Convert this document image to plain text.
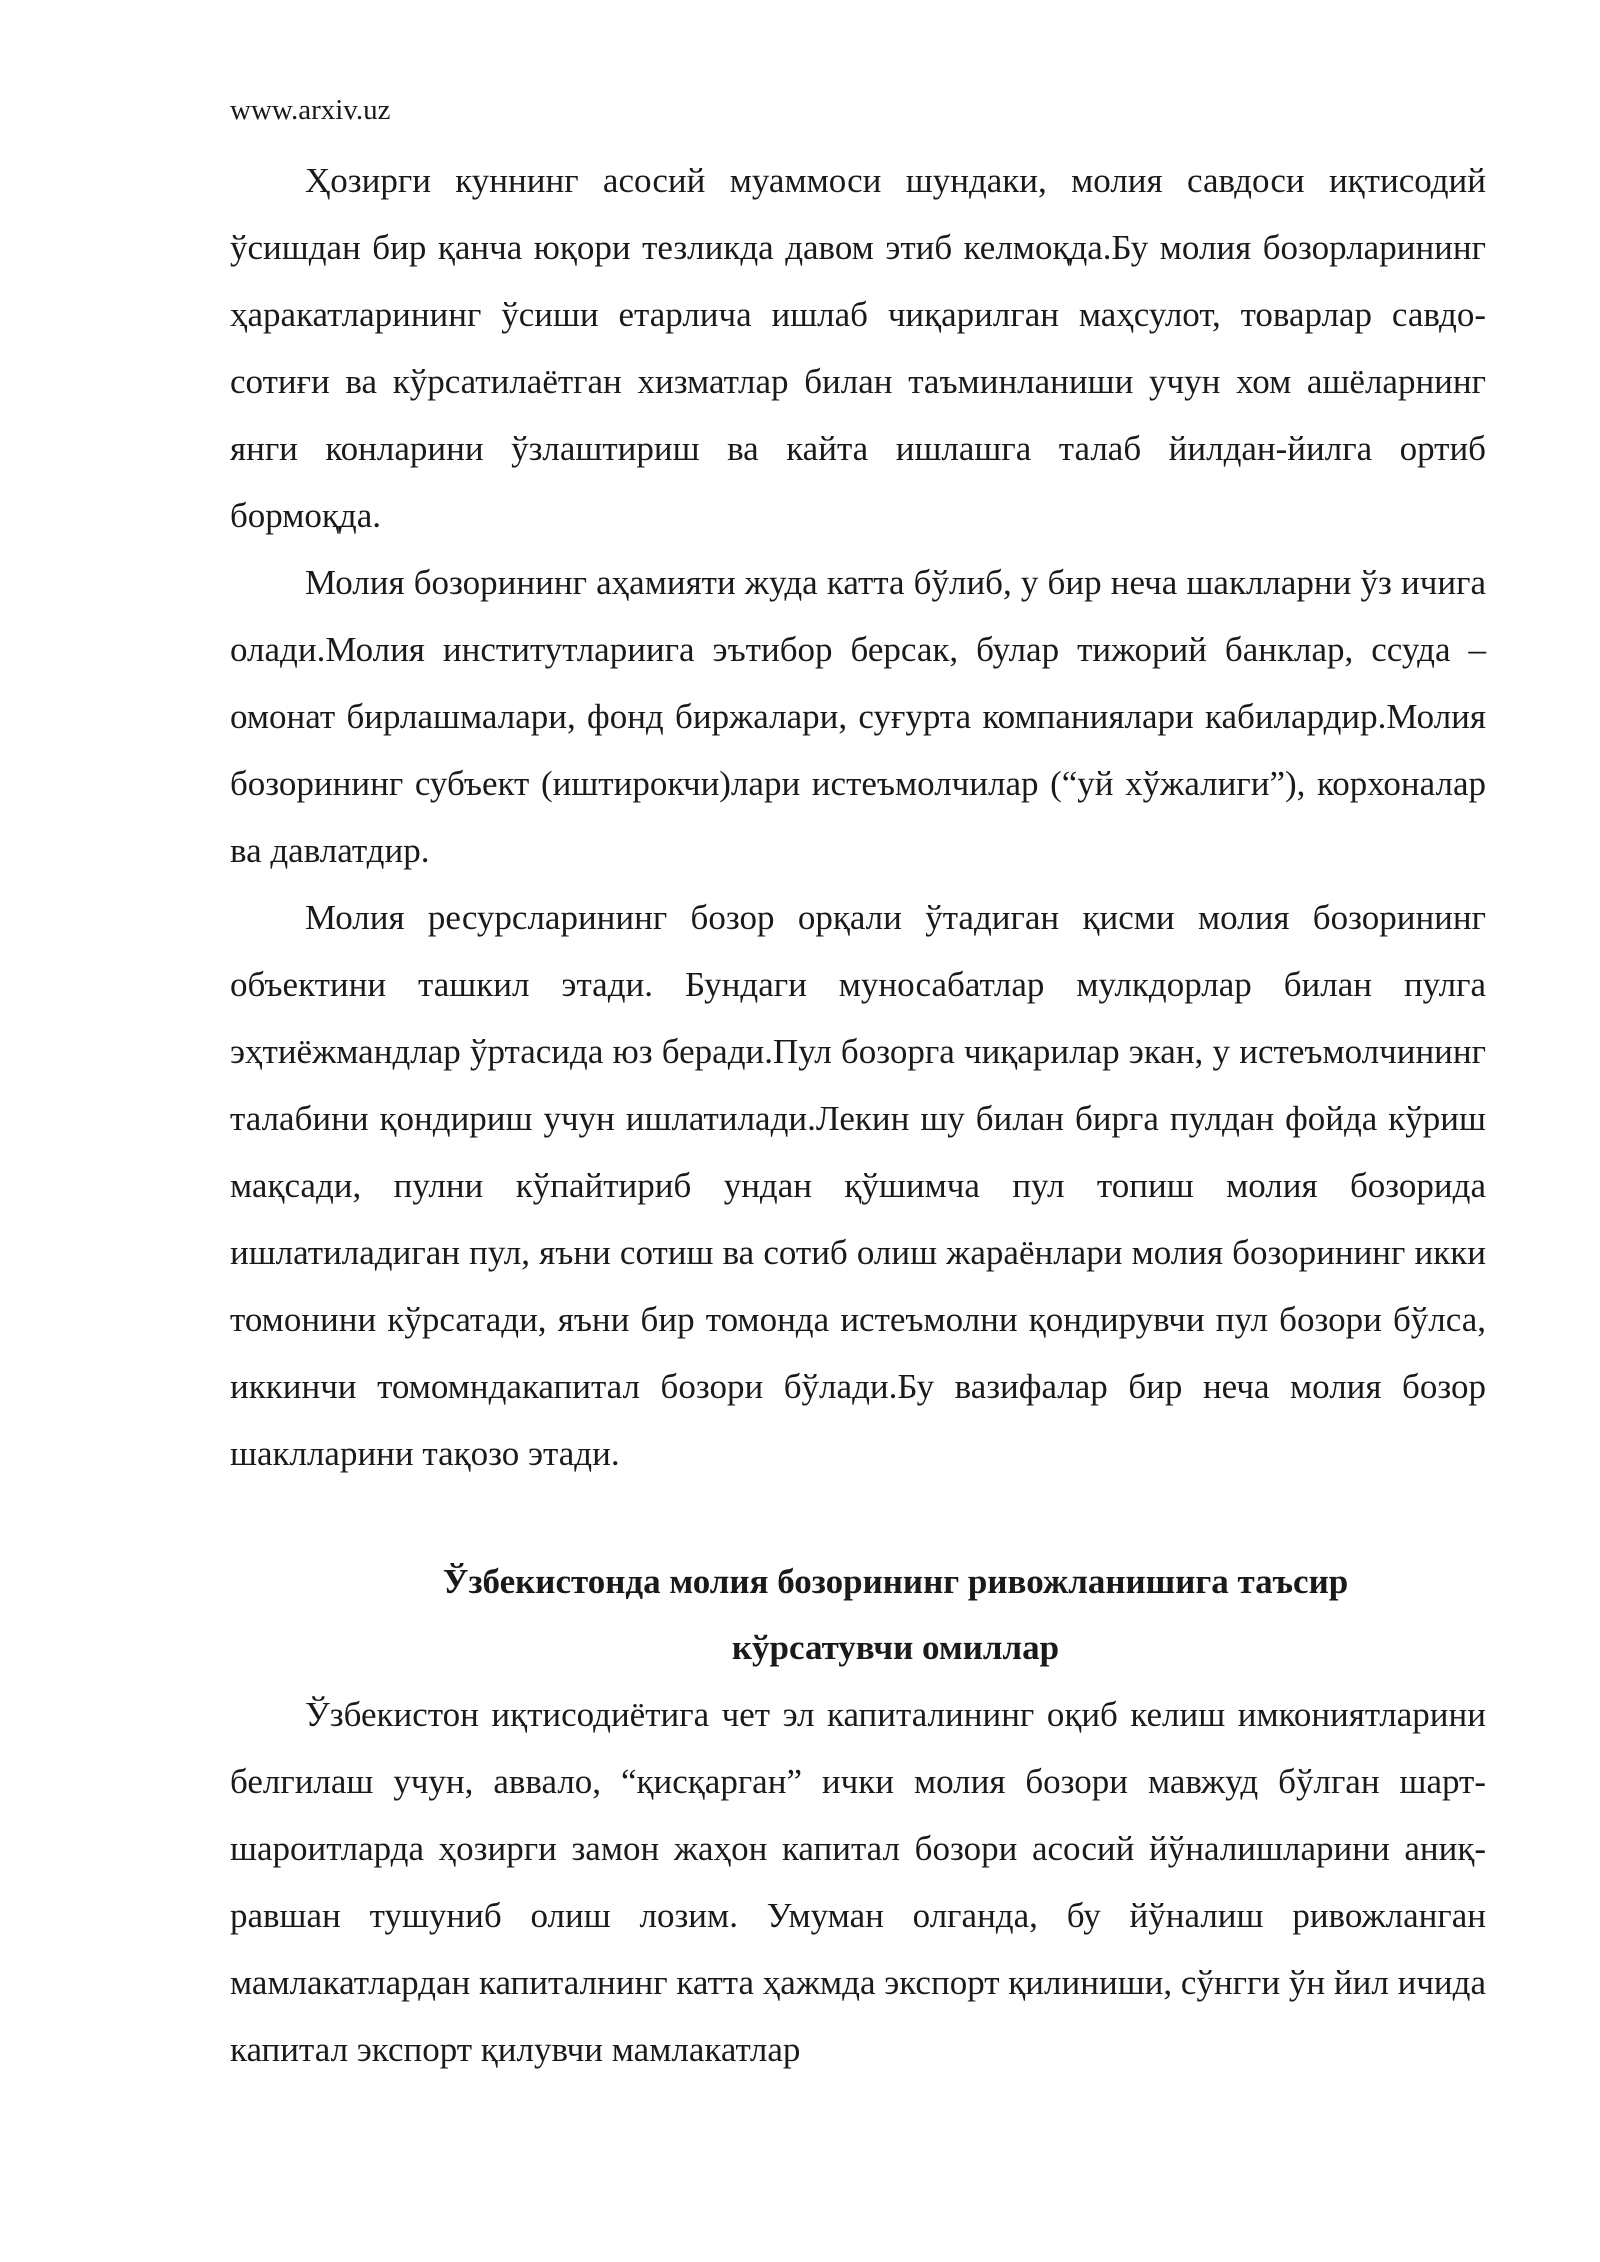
www.arxiv.uz

Ҳозирги куннинг асосий муаммоси шундаки, молия савдоси иқтисодий ўсишдан бир қанча юқори тезликда давом этиб келмоқда.Бу молия бозорларининг ҳаракатларининг ўсиши етарлича ишлаб чиқарилган маҳсулот, товарлар савдо-сотиғи ва кўрсатилаётган хизматлар билан таъминланиши учун хом ашёларнинг янги конларини ўзлаштириш ва кайта ишлашга талаб йилдан-йилга ортиб бормоқда.

Молия бозорининг аҳамияти жуда катта бўлиб, у бир неча шаклларни ўз ичига олади.Молия институтлариига эътибор берсак, булар тижорий банклар, ссуда –омонат бирлашмалари, фонд биржалари, суғурта компаниялари кабилардир.Молия бозорининг субъект (иштирокчи)лари истеъмолчилар (“уй хўжалиги”), корхоналар ва давлатдир.

Молия ресурсларининг бозор орқали ўтадиган қисми молия бозорининг объектини ташкил этади. Бундаги муносабатлар мулкдорлар билан пулга эҳтиёжмандлар ўртасида юз беради.Пул бозорга чиқарилар экан, у истеъмолчининг талабини қондириш учун ишлатилади.Лекин шу билан бирга пулдан фойда кўриш мақсади, пулни кўпайтириб ундан қўшимча пул топиш молия бозорида ишлатиладиган пул, яъни сотиш ва сотиб олиш жараёнлари молия бозорининг икки томонини кўрсатади, яъни бир томонда истеъмолни қондирувчи пул бозори бўлса, иккинчи томомндакапитал бозори бўлади.Бу вазифалар бир неча молия бозор шаклларини тақозо этади.

Ўзбекистонда молия бозорининг ривожланишига таъсир

кўрсатувчи омиллар

Ўзбекистон иқтисодиётига чет эл капиталининг оқиб келиш имкониятларини белгилаш учун, аввало, “қисқарган” ички молия бозори мавжуд бўлган шарт-шароитларда ҳозирги замон жаҳон капитал бозори асосий йўналишларини аниқ-равшан тушуниб олиш лозим. Умуман олганда, бу йўналиш ривожланган мамлакатлардан капиталнинг катта ҳажмда экспорт қилиниши, сўнгги ўн йил ичида капитал экспорт қилувчи мамлакатлар
